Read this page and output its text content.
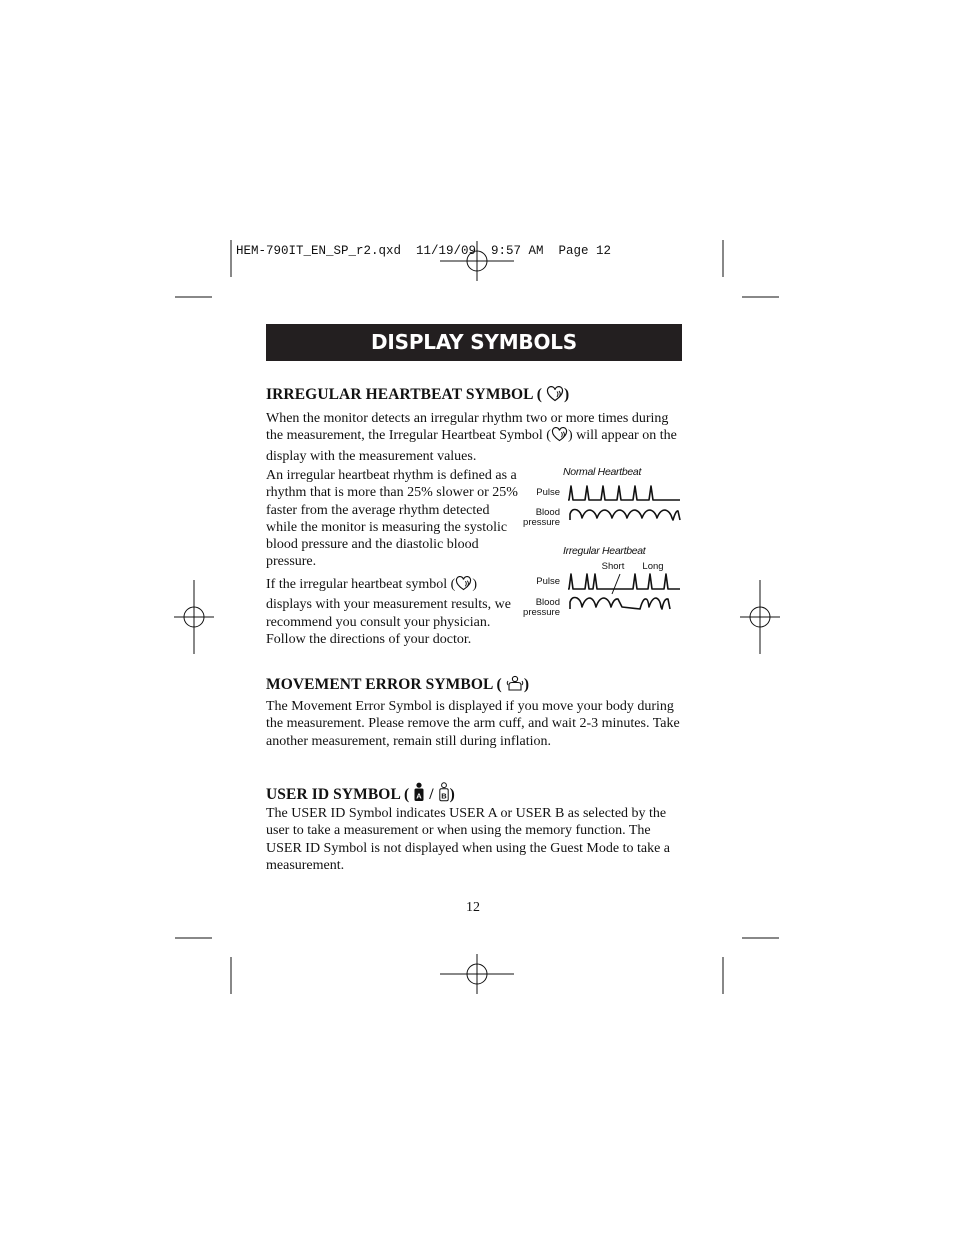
HEM-790IT_EN_SP_r2.qxd  11/19/09  9:57 AM  Page 12
DISPLAY SYMBOLS
IRREGULAR HEARTBEAT SYMBOL ( )
When the monitor detects an irregular rhythm two or more times during the measurement, the Irregular Heartbeat Symbol ( ) will appear on the display with the measurement values.
An irregular heartbeat rhythm is defined as a rhythm that is more than 25% slower or 25% faster from the average rhythm detected while the monitor is measuring the systolic blood pressure and the diastolic blood pressure.
If the irregular heartbeat symbol ( ) displays with your measurement results, we recommend you consult your physician. Follow the directions of your doctor.
Normal Heartbeat
Pulse
Blood
pressure
Irregular Heartbeat
Short	Long
Pulse
Blood
pressure
MOVEMENT ERROR SYMBOL ( )
The Movement Error Symbol is displayed if you move your body during the measurement. Please remove the arm cuff, and wait 2-3 minutes. Take another measurement, remain still during inflation.
USER ID SYMBOL ( A / B )
The USER ID Symbol indicates USER A or USER B as selected by the user to take a measurement or when using the memory function. The USER ID Symbol is not displayed when using the Guest Mode to take a measurement.
12
